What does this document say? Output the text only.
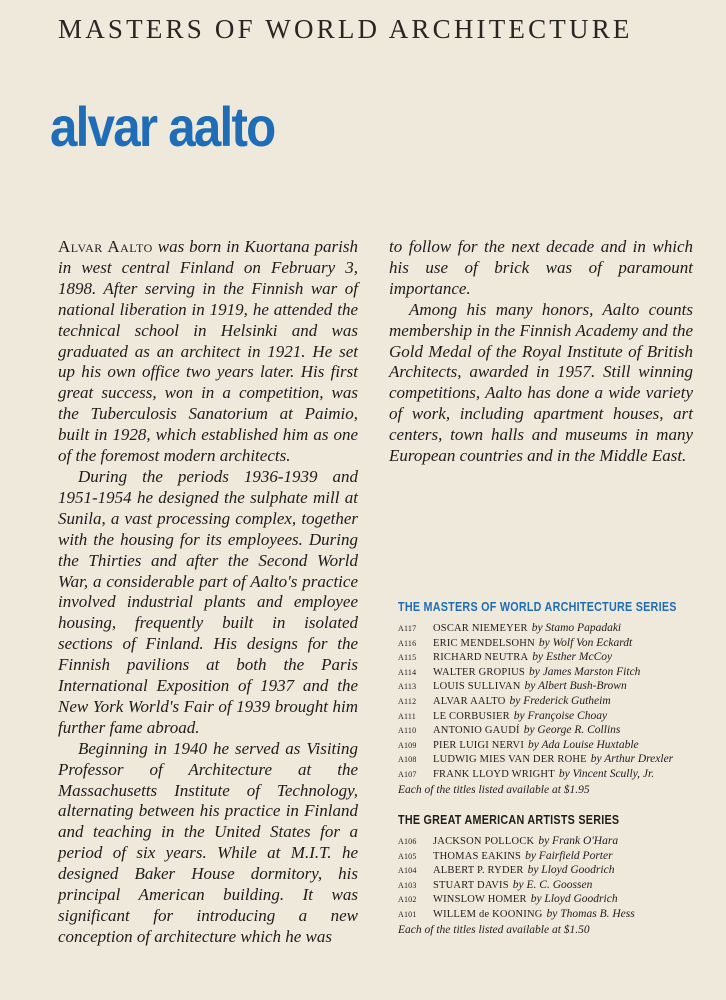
MASTERS OF WORLD ARCHITECTURE
alvar aalto

Alvar Aalto was born in Kuortana parish in west central Finland on February 3, 1898. After serving in the Finnish war of national liberation in 1919, he attended the technical school in Helsinki and was graduated as an architect in 1921. He set up his own office two years later. His first great success, won in a competition, was the Tuberculosis Sanatorium at Paimio, built in 1928, which established him as one of the foremost modern architects.

During the periods 1936-1939 and 1951-1954 he designed the sulphate mill at Sunila, a vast processing complex, together with the housing for its employees. During the Thirties and after the Second World War, a considerable part of Aalto's practice involved industrial plants and employee housing, frequently built in isolated sections of Finland. His designs for the Finnish pavilions at both the Paris International Exposition of 1937 and the New York World's Fair of 1939 brought him further fame abroad.

Beginning in 1940 he served as Visiting Professor of Architecture at the Massachusetts Institute of Technology, alternating between his practice in Finland and teaching in the United States for a period of six years. While at M.I.T. he designed Baker House dormitory, his principal American building. It was significant for introducing a new conception of architecture which he was

to follow for the next decade and in which his use of brick was of paramount importance.

Among his many honors, Aalto counts membership in the Finnish Academy and the Gold Medal of the Royal Institute of British Architects, awarded in 1957. Still winning competitions, Aalto has done a wide variety of work, including apartment houses, art centers, town halls and museums in many European countries and in the Middle East.

THE MASTERS OF WORLD ARCHITECTURE SERIES
A117 OSCAR NIEMEYER by Stamo Papadaki
A116 ERIC MENDELSOHN by Wolf Von Eckardt
A115 RICHARD NEUTRA by Esther McCoy
A114 WALTER GROPIUS by James Marston Fitch
A113 LOUIS SULLIVAN by Albert Bush-Brown
A112 ALVAR AALTO by Frederick Gutheim
A111 LE CORBUSIER by Françoise Choay
A110 ANTONIO GAUDÍ by George R. Collins
A109 PIER LUIGI NERVI by Ada Louise Huxtable
A108 LUDWIG MIES VAN DER ROHE by Arthur Drexler
A107 FRANK LLOYD WRIGHT by Vincent Scully, Jr.
Each of the titles listed available at $1.95
THE GREAT AMERICAN ARTISTS SERIES
A106 JACKSON POLLOCK by Frank O'Hara
A105 THOMAS EAKINS by Fairfield Porter
A104 ALBERT P. RYDER by Lloyd Goodrich
A103 STUART DAVIS by E. C. Goossen
A102 WINSLOW HOMER by Lloyd Goodrich
A101 WILLEM de KOONING by Thomas B. Hess
Each of the titles listed available at $1.50
